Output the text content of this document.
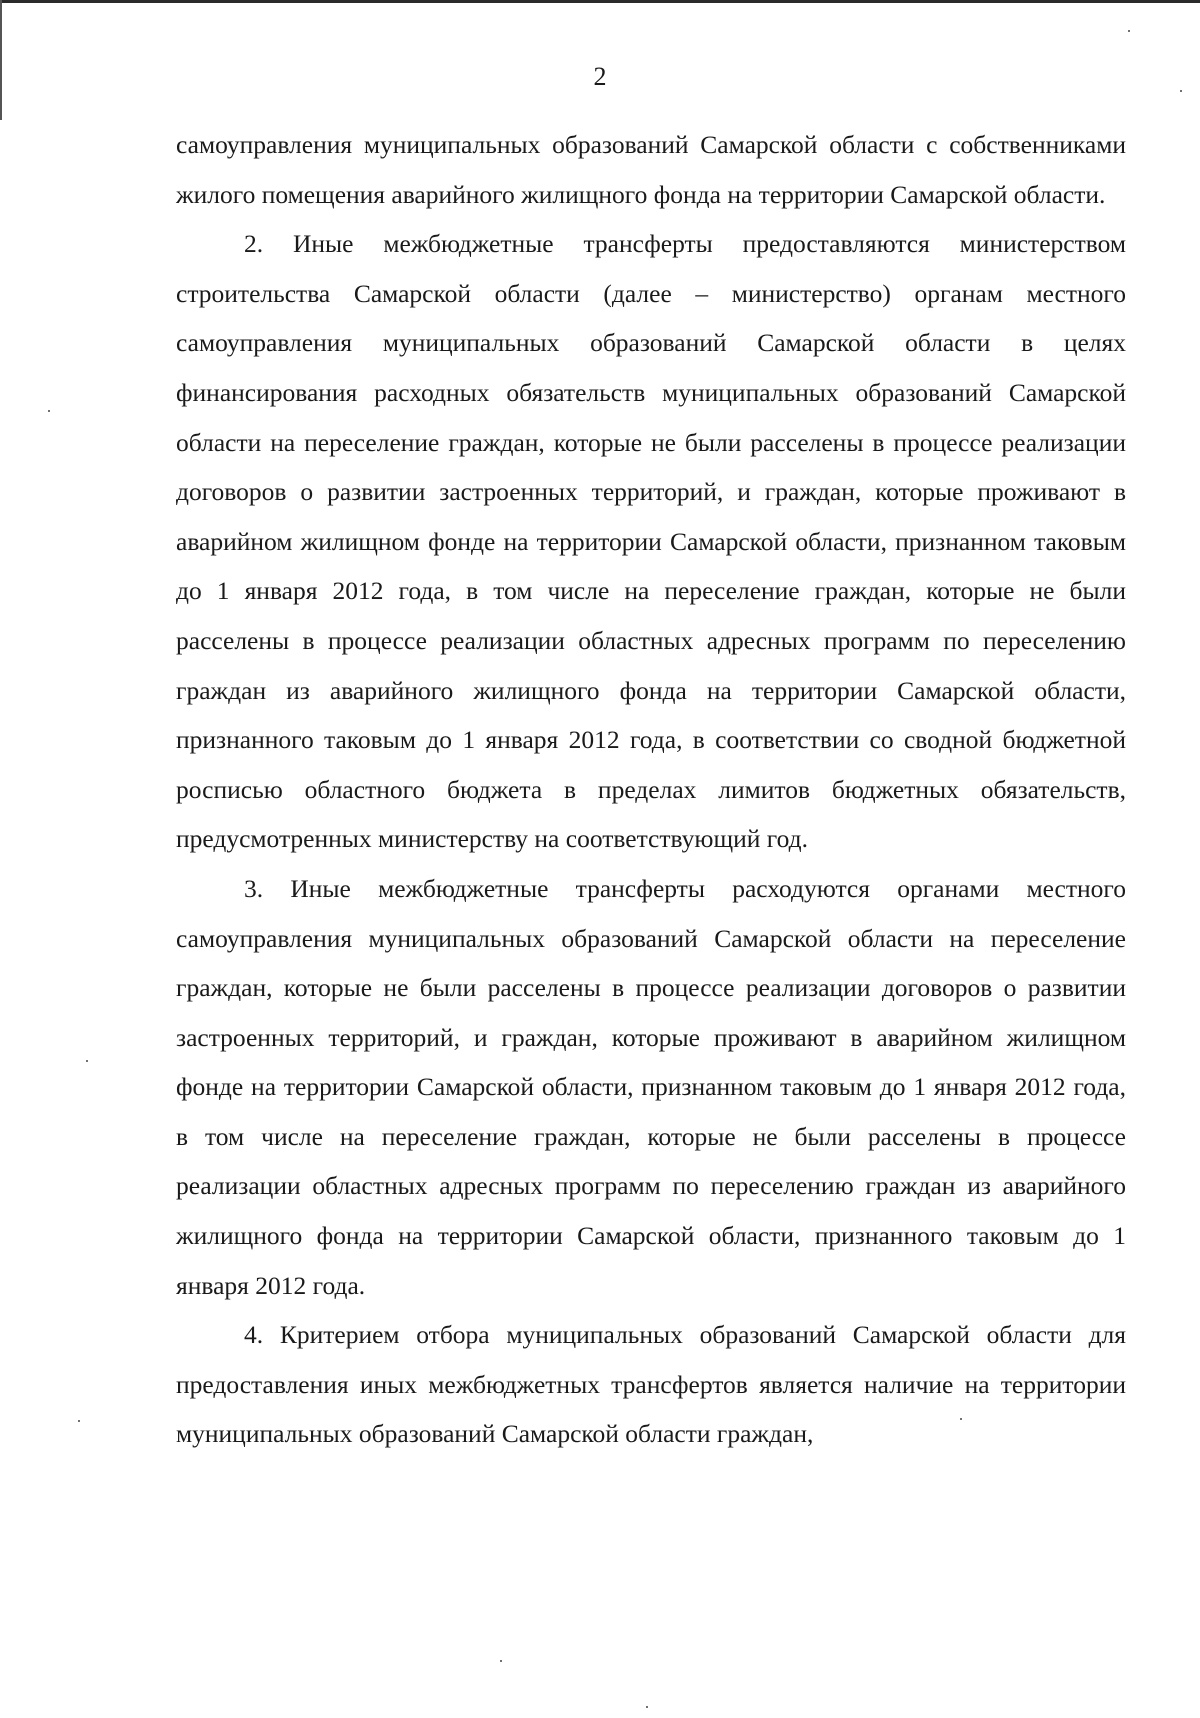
2

самоуправления муниципальных образований Самарской области с собственниками жилого помещения аварийного жилищного фонда на территории Самарской области.

2. Иные межбюджетные трансферты предоставляются министерством строительства Самарской области (далее – министерство) органам местного самоуправления муниципальных образований Самарской области в целях финансирования расходных обязательств муниципальных образований Самарской области на переселение граждан, которые не были расселены в процессе реализации договоров о развитии застроенных территорий, и граждан, которые проживают в аварийном жилищном фонде на территории Самарской области, признанном таковым до 1 января 2012 года, в том числе на переселение граждан, которые не были расселены в процессе реализации областных адресных программ по переселению граждан из аварийного жилищного фонда на территории Самарской области, признанного таковым до 1 января 2012 года, в соответствии со сводной бюджетной росписью областного бюджета в пределах лимитов бюджетных обязательств, предусмотренных министерству на соответствующий год.

3. Иные межбюджетные трансферты расходуются органами местного самоуправления муниципальных образований Самарской области на переселение граждан, которые не были расселены в процессе реализации договоров о развитии застроенных территорий, и граждан, которые проживают в аварийном жилищном фонде на территории Самарской области, признанном таковым до 1 января 2012 года, в том числе на переселение граждан, которые не были расселены в процессе реализации областных адресных программ по переселению граждан из аварийного жилищного фонда на территории Самарской области, признанного таковым до 1 января 2012 года.

4. Критерием отбора муниципальных образований Самарской области для предоставления иных межбюджетных трансфертов является наличие на территории муниципальных образований Самарской области граждан,
